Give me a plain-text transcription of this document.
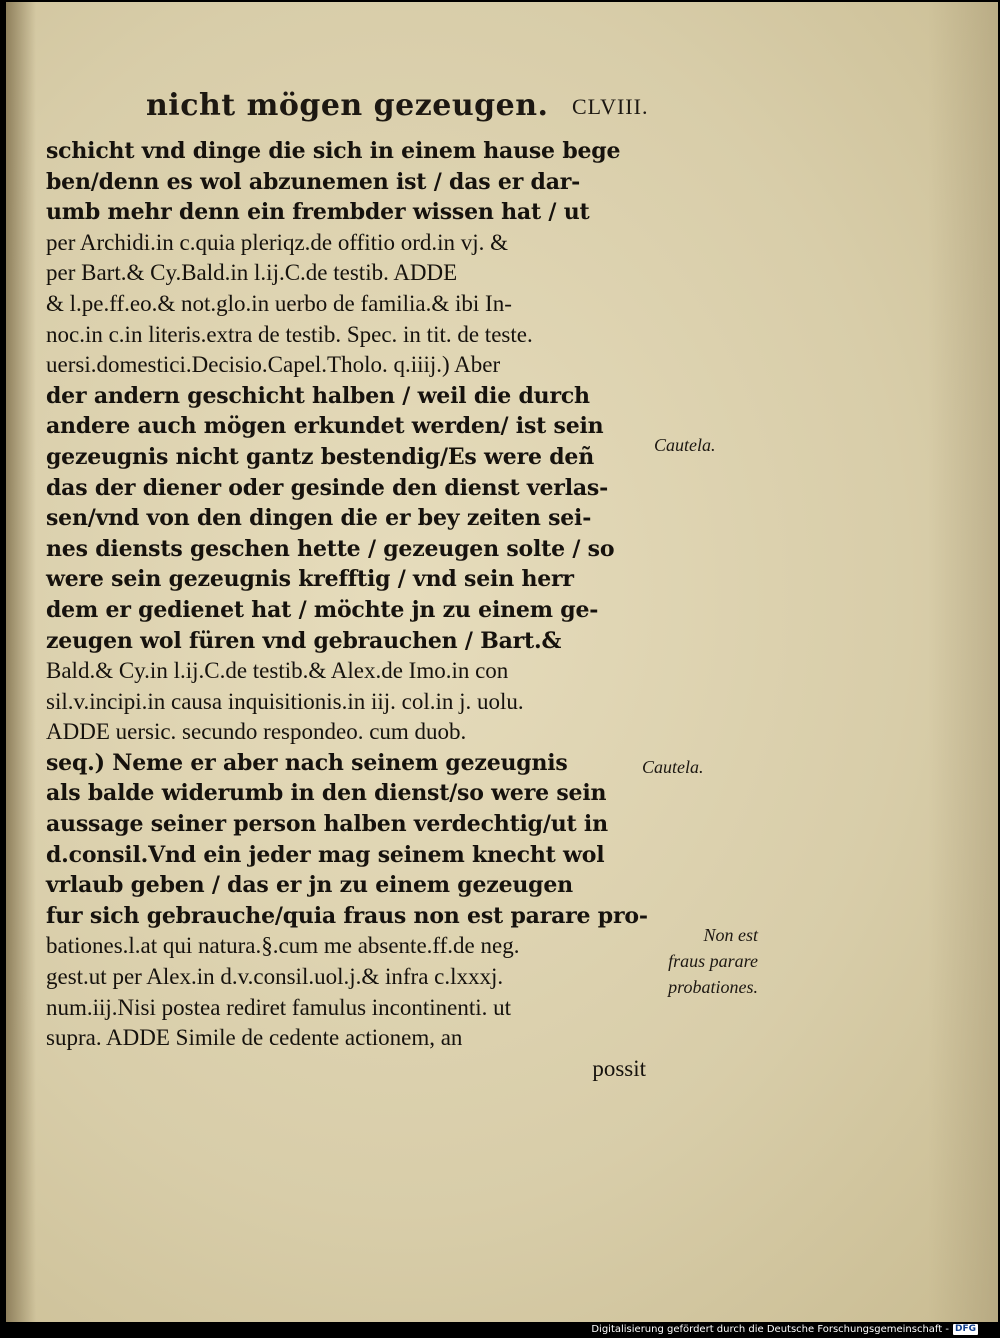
nicht mögen gezeugen. CLVIII.
schicht vnd dinge die sich in einem hause bege
ben/denn es wol abzunemen ist / das er dar-
umb mehr denn ein frembder wissen hat / ut
per Archidi.in c.quia pleriqz.de offitio ord.in vj. &
per Bart.& Cy.Bald.in l.ij.C.de testib. ADDE
& l.pe.ff.eo.& not.glo.in uerbo de familia.& ibi In-
noc.in c.in literis.extra de testib. Spec. in tit. de teste.
uersi.domestici.Decisio.Capel.Tholo. q.iiij.) Aber
der andern geschicht halben / weil die durch
andere auch mögen erkundet werden/ ist sein
gezeugnis nicht gantz bestendig/Es were deñ
das der diener oder gesinde den dienst verlas-
sen/vnd von den dingen die er bey zeiten sei-
nes diensts geschen hette / gezeugen solte / so
were sein gezeugnis krefftig / vnd sein herr
dem er gedienet hat / möchte jn zu einem ge-
zeugen wol füren vnd gebrauchen / Bart.&
Bald.& Cy.in l.ij.C.de testib.& Alex.de Imo.in con
sil.v.incipi.in causa inquisitionis.in iij. col.in j. uolu.
ADDE uersic. secundo respondeo. cum duob.
seq.) Neme er aber nach seinem gezeugnis
als balde widerumb in den dienst/so were sein
aussage seiner person halben verdechtig/ut in
d.consil.Vnd ein jeder mag seinem knecht wol
vrlaub geben / das er jn zu einem gezeugen
fur sich gebrauche/quia fraus non est parare pro-
bationes.l.at qui natura.§.cum me absente.ff.de neg.
gest.ut per Alex.in d.v.consil.uol.j.& infra c.lxxxj.
num.iij.Nisi postea rediret famulus incontinenti. ut
supra. ADDE Simile de cedente actionem, an
possit
Cautela.
Cautela.
Non est
fraus parare
probationes.
Digitalisierung gefördert durch die Deutsche Forschungsgemeinschaft - DFG
